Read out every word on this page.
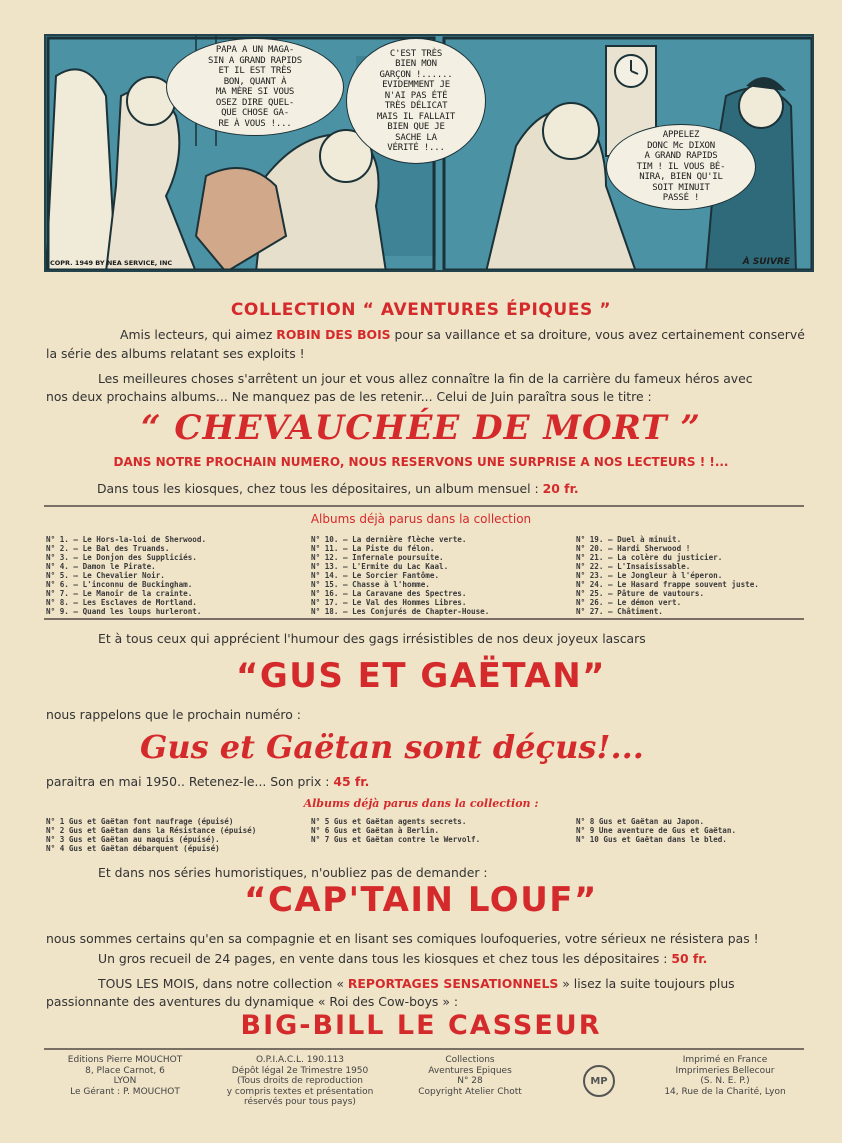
PAPA A UN MAGA-
SIN A GRAND RAPIDS
ET IL EST TRÈS
BON, QUANT À
MA MÈRE SI VOUS
OSEZ DIRE QUEL-
QUE CHOSE GA-
RE À VOUS !...
C'EST TRÈS
BIEN MON
GARÇON !......
EVIDEMMENT JE
N'AI PAS ÉTÉ
TRÈS DÉLICAT
MAIS IL FALLAIT
BIEN QUE JE
SACHE LA
VÉRITÉ !...
APPELEZ
DONC Mc DIXON
A GRAND RAPIDS
TIM ! IL VOUS BÉ-
NIRA, BIEN QU'IL
SOIT MINUIT
PASSÉ !
COPR. 1949 BY NEA SERVICE, INC	À SUIVRE
COLLECTION “ AVENTURES ÉPIQUES ”
Amis lecteurs, qui aimez ROBIN DES BOIS pour sa vaillance et sa droiture, vous avez certainement conservé
la série des albums relatant ses exploits !
Les meilleures choses s'arrêtent un jour et vous allez connaître la fin de la carrière du fameux héros avec
nos deux prochains albums... Ne manquez pas de les retenir... Celui de Juin paraîtra sous le titre :
“ CHEVAUCHÉE DE MORT ”
DANS NOTRE PROCHAIN NUMERO, NOUS RESERVONS UNE SURPRISE A NOS LECTEURS ! !...
Dans tous les kiosques, chez tous les dépositaires, un album mensuel : 20 fr.
Albums déjà parus dans la collection
N° 1. — Le Hors-la-loi de Sherwood.
N° 2. — Le Bal des Truands.
N° 3. — Le Donjon des Suppliciés.
N° 4. — Damon le Pirate.
N° 5. — Le Chevalier Noir.
N° 6. — L'inconnu de Buckingham.
N° 7. — Le Manoir de la crainte.
N° 8. — Les Esclaves de Mortland.
N° 9. — Quand les loups hurleront.
N° 10. — La dernière flèche verte.
N° 11. — La Piste du félon.
N° 12. — Infernale poursuite.
N° 13. — L'Ermite du Lac Kaal.
N° 14. — Le Sorcier Fantôme.
N° 15. — Chasse à l'homme.
N° 16. — La Caravane des Spectres.
N° 17. — Le Val des Hommes Libres.
N° 18. — Les Conjurés de Chapter-House.
N° 19. — Duel à minuit.
N° 20. — Hardi Sherwood !
N° 21. — La colère du justicier.
N° 22. — L'Insaisissable.
N° 23. — Le Jongleur à l'éperon.
N° 24. — Le Hasard frappe souvent juste.
N° 25. — Pâture de vautours.
N° 26. — Le démon vert.
N° 27. — Châtiment.
Et à tous ceux qui apprécient l'humour des gags irrésistibles de nos deux joyeux lascars
“GUS ET GAËTAN”
nous rappelons que le prochain numéro :
Gus et Gaëtan sont déçus!...
paraitra en mai 1950.. Retenez-le... Son prix : 45 fr.
Albums déjà parus dans la collection :
N° 1 Gus et Gaëtan font naufrage (épuisé)
N° 2 Gus et Gaëtan dans la Résistance (épuisé)
N° 3 Gus et Gaëtan au maquis (épuisé).
N° 4 Gus et Gaëtan débarquent (épuisé)
N° 5 Gus et Gaëtan agents secrets.
N° 6 Gus et Gaëtan à Berlin.
N° 7 Gus et Gaëtan contre le Wervolf.
N° 8 Gus et Gaëtan au Japon.
N° 9 Une aventure de Gus et Gaëtan.
N° 10 Gus et Gaëtan dans le bled.
Et dans nos séries humoristiques, n'oubliez pas de demander :
“CAP'TAIN LOUF”
nous sommes certains qu'en sa compagnie et en lisant ses comiques loufoqueries, votre sérieux ne résistera pas !
Un gros recueil de 24 pages, en vente dans tous les kiosques et chez tous les dépositaires : 50 fr.
TOUS LES MOIS, dans notre collection « REPORTAGES SENSATIONNELS » lisez la suite toujours plus
passionnante des aventures du dynamique « Roi des Cow-boys » :
BIG-BILL LE CASSEUR
Editions Pierre MOUCHOT
8, Place Carnot, 6
LYON
Le Gérant : P. MOUCHOT
O.P.I.A.C.L. 190.113
Dépôt légal 2e Trimestre 1950
(Tous droits de reproduction
y compris textes et présentation
réservés pour tous pays)
Collections
Aventures Epiques
N° 28
Copyright Atelier Chott
MP
Imprimé en France
Imprimeries Bellecour
(S. N. E. P.)
14, Rue de la Charité, Lyon
